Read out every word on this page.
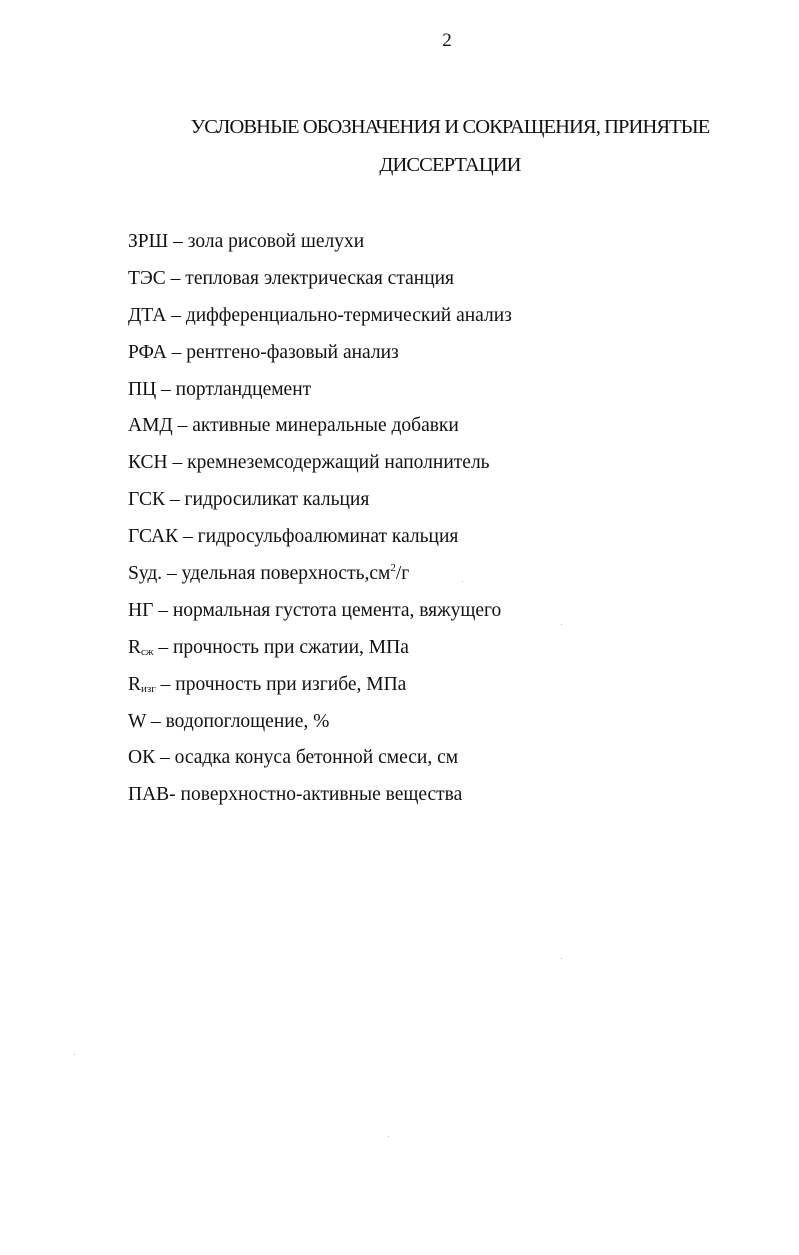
2
УСЛОВНЫЕ ОБОЗНАЧЕНИЯ И СОКРАЩЕНИЯ, ПРИНЯТЫЕ
ДИССЕРТАЦИИ
ЗРШ – зола рисовой шелухи
ТЭС – тепловая электрическая станция
ДТА – дифференциально-термический анализ
РФА – рентгено-фазовый анализ
ПЦ – портландцемент
АМД – активные минеральные добавки
КСН – кремнеземсодержащий наполнитель
ГСК – гидросиликат кальция
ГСАК – гидросульфоалюминат кальция
Sуд. – удельная $поверхность,см^2/г$
НГ – нормальная густота цемента, вяжущего
$R_{сж}$ – прочность при сжатии, МПа
$R_{изг}$ – прочность при изгибе, МПа
W – водопоглощение, %
ОК – осадка конуса бетонной смеси, см
ПАВ- поверхностно-активные вещества
